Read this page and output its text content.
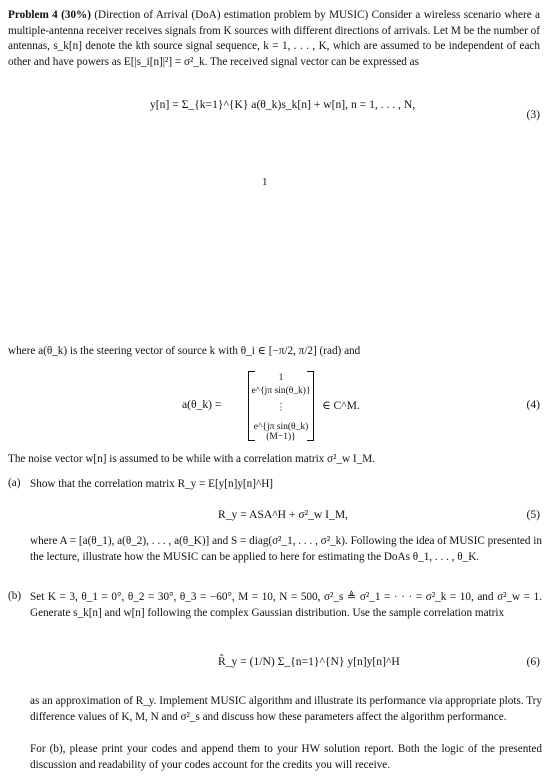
Problem 4 (30%) (Direction of Arrival (DoA) estimation problem by MUSIC) Consider a wireless scenario where a multiple-antenna receiver receives signals from K sources with different directions of arrivals. Let M be the number of antennas, s_k[n] denote the kth source signal sequence, k = 1, . . . , K, which are assumed to be independent of each other and have powers as E[|s_i[n]|²] = σ²_k. The received signal vector can be expressed as
y[n] = Σ_{k=1}^{K} a(θ_k)s_k[n] + w[n], n = 1, . . . , N,
(3)
1
where a(θ_k) is the steering vector of source k with θ_i ∈ [−π/2, π/2] (rad) and
a(θ_k) =
1
e^{jπ sin(θ_k)}
⋮
e^{jπ sin(θ_k)(M−1)}
∈ C^M.	(4)
The noise vector w[n] is assumed to be while with a correlation matrix σ²_w I_M.
(a) Show that the correlation matrix R_y = E[y[n]y[n]^H]
R_y = ASA^H + σ²_w I_M,	(5)
where A = [a(θ_1), a(θ_2), . . . , a(θ_K)] and S = diag(σ²_1, . . . , σ²_k). Following the idea of MUSIC presented in the lecture, illustrate how the MUSIC can be applied to here for estimating the DoAs θ_1, . . . , θ_K.
(b) Set K = 3, θ_1 = 0°, θ_2 = 30°, θ_3 = −60°, M = 10, N = 500, σ²_s ≜ σ²_1 = · · · = σ²_k = 10, and σ²_w = 1. Generate s_k[n] and w[n] following the complex Gaussian distribution. Use the sample correlation matrix
R̂_y = (1/N) Σ_{n=1}^{N} y[n]y[n]^H	(6)
as an approximation of R_y. Implement MUSIC algorithm and illustrate its performance via appropriate plots. Try difference values of K, M, N and σ²_s and discuss how these parameters affect the algorithm performance.
For (b), please print your codes and append them to your HW solution report. Both the logic of the presented discussion and readability of your codes account for the credits you will receive.
